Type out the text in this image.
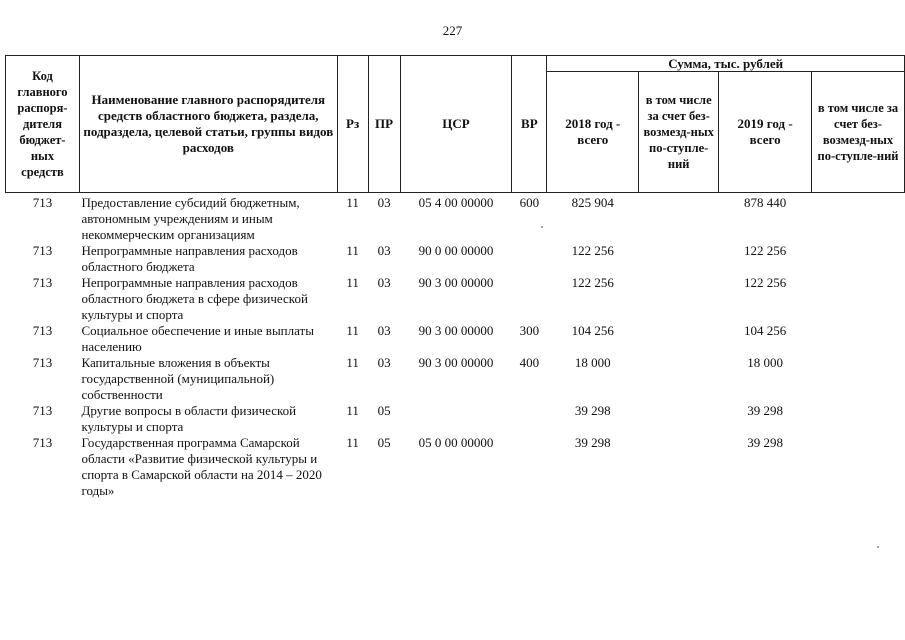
227
Код главного распоря-дителя бюджет-ных средств	Наименование главного распорядителя средств областного бюджета, раздела, подраздела, целевой статьи, группы видов расходов	Рз	ПР	ЦСР	ВР	Сумма, тыс. рублей			
						2018 год - всего	в том числе за счет без-возмезд-ных по-ступле-ний	2019 год - всего	в том числе за счет без-возмезд-ных по-ступле-ний
713	Предоставление субсидий бюджетным, автономным учреждениям и иным некоммерческим организациям	11	03	05 4 00 00000	600	825 904		878 440	
713	Непрограммные направления расходов областного бюджета	11	03	90 0 00 00000		122 256		122 256	
713	Непрограммные направления расходов областного бюджета в сфере физической культуры и спорта	11	03	90 3 00 00000		122 256		122 256	
713	Социальное обеспечение и иные выплаты населению	11	03	90 3 00 00000	300	104 256		104 256	
713	Капитальные вложения в объекты государственной (муниципальной) собственности	11	03	90 3 00 00000	400	18 000		18 000	
713	Другие вопросы в области физической культуры и спорта	11	05			39 298		39 298	
713	Государственная программа Самарской области «Развитие физической культуры и спорта в Самарской области на 2014 – 2020 годы»	11	05	05 0 00 00000		39 298		39 298	
